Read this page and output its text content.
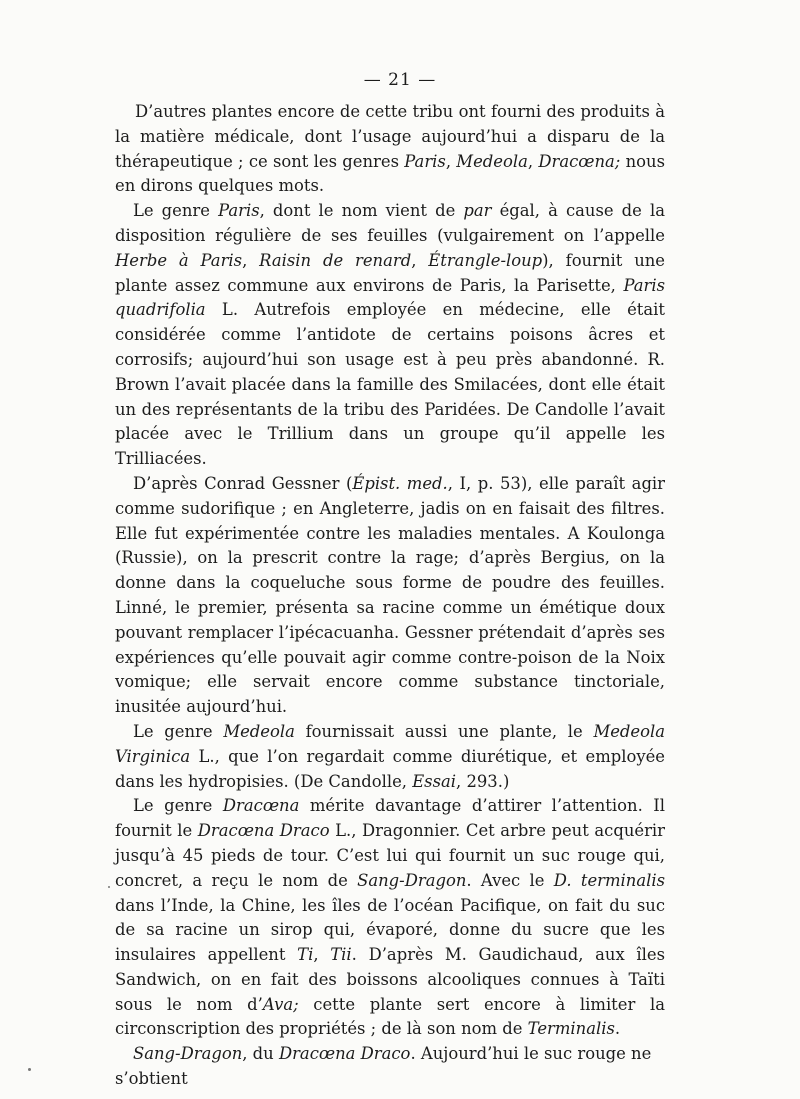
— 21 —

D’autres plantes encore de cette tribu ont fourni des produits à la matière médicale, dont l’usage aujourd’hui a disparu de la thérapeutique ; ce sont les genres Paris, Medeola, Dracœna; nous en dirons quelques mots.

Le genre Paris, dont le nom vient de par égal, à cause de la disposition régulière de ses feuilles (vulgairement on l’appelle Herbe à Paris, Raisin de renard, Étrangle-loup), fournit une plante assez commune aux environs de Paris, la Parisette, Paris quadrifolia L. Autrefois employée en médecine, elle était considérée comme l’antidote de certains poisons âcres et corrosifs; aujourd’hui son usage est à peu près abandonné. R. Brown l’avait placée dans la famille des Smilacées, dont elle était un des représentants de la tribu des Paridées. De Candolle l’avait placée avec le Trillium dans un groupe qu’il appelle les Trilliacées.

D’après Conrad Gessner (Épist. med., I, p. 53), elle paraît agir comme sudorifique ; en Angleterre, jadis on en faisait des filtres. Elle fut expérimentée contre les maladies mentales. A Koulonga (Russie), on la prescrit contre la rage; d’après Bergius, on la donne dans la coqueluche sous forme de poudre des feuilles. Linné, le premier, présenta sa racine comme un émétique doux pouvant remplacer l’ipécacuanha. Gessner prétendait d’après ses expériences qu’elle pouvait agir comme contre-poison de la Noix vomique; elle servait encore comme substance tinctoriale, inusitée aujourd’hui.

Le genre Medeola fournissait aussi une plante, le Medeola Virginica L., que l’on regardait comme diurétique, et employée dans les hydropisies. (De Candolle, Essai, 293.)

Le genre Dracœna mérite davantage d’attirer l’attention. Il fournit le Dracœna Draco L., Dragonnier. Cet arbre peut acquérir jusqu’à 45 pieds de tour. C’est lui qui fournit un suc rouge qui, concret, a reçu le nom de Sang-Dragon. Avec le D. terminalis dans l’Inde, la Chine, les îles de l’océan Pacifique, on fait du suc de sa racine un sirop qui, évaporé, donne du sucre que les insulaires appellent Ti, Tii. D’après M. Gaudichaud, aux îles Sandwich, on en fait des boissons alcooliques connues à Taïti sous le nom d’Ava; cette plante sert encore à limiter la circonscription des propriétés ; de là son nom de Terminalis.

Sang-Dragon, du Dracœna Draco. Aujourd’hui le suc rouge ne s’obtient
